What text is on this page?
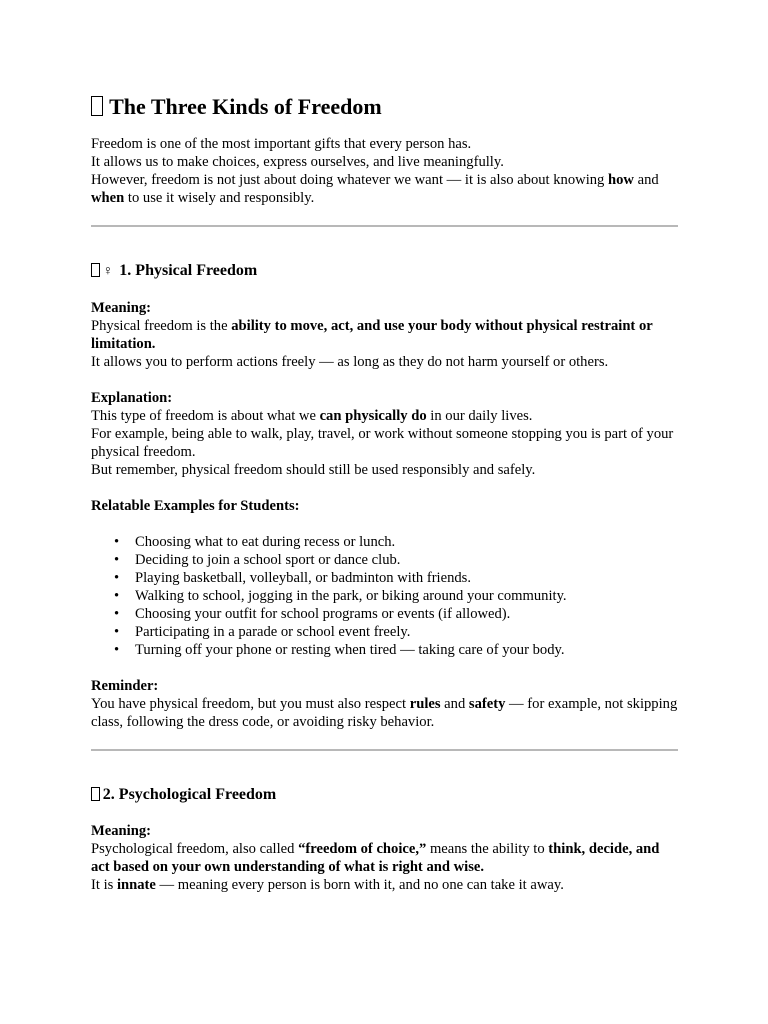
The Three Kinds of Freedom

Freedom is one of the most important gifts that every person has.

It allows us to make choices, express ourselves, and live meaningfully.

However, freedom is not just about doing whatever we want — it is also about knowing how and when to use it wisely and responsibly.

♀ 1. Physical Freedom

Meaning:

Physical freedom is the ability to move, act, and use your body without physical restraint or limitation.

It allows you to perform actions freely — as long as they do not harm yourself or others.

Explanation:

This type of freedom is about what we can physically do in our daily lives.

For example, being able to walk, play, travel, or work without someone stopping you is part of your physical freedom.

But remember, physical freedom should still be used responsibly and safely.

Relatable Examples for Students:

• Choosing what to eat during recess or lunch.
• Deciding to join a school sport or dance club.
• Playing basketball, volleyball, or badminton with friends.
• Walking to school, jogging in the park, or biking around your community.
• Choosing your outfit for school programs or events (if allowed).
• Participating in a parade or school event freely.
• Turning off your phone or resting when tired — taking care of your body.

Reminder:

You have physical freedom, but you must also respect rules and safety — for example, not skipping class, following the dress code, or avoiding risky behavior.

2. Psychological Freedom

Meaning:

Psychological freedom, also called “freedom of choice,” means the ability to think, decide, and act based on your own understanding of what is right and wise.

It is innate — meaning every person is born with it, and no one can take it away.
